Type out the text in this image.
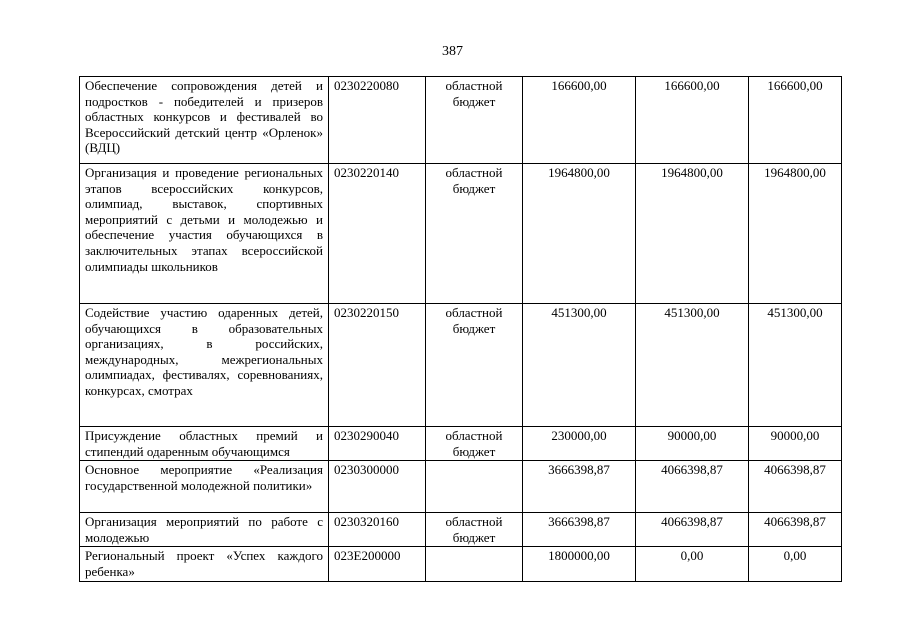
387
Обеспечение сопровождения детей и подростков - победителей и призеров областных конкурсов и фестивалей во Всероссийский детский центр «Орленок» (ВДЦ)	0230220080	областной бюджет	166600,00	166600,00	166600,00
Организация и проведение региональных этапов всероссийских конкурсов, олимпиад, выставок, спортивных мероприятий с детьми и молодежью и обеспечение участия обучающихся в заключительных этапах всероссийской олимпиады школьников	0230220140	областной бюджет	1964800,00	1964800,00	1964800,00
Содействие участию одаренных детей, обучающихся в образовательных организациях, в российских, международных, межрегиональных олимпиадах, фестивалях, соревнованиях, конкурсах, смотрах	0230220150	областной бюджет	451300,00	451300,00	451300,00
Присуждение областных премий и стипендий одаренным обучающимся	0230290040	областной бюджет	230000,00	90000,00	90000,00
Основное мероприятие «Реализация государственной молодежной политики»	0230300000		3666398,87	4066398,87	4066398,87
Организация мероприятий по работе с молодежью	0230320160	областной бюджет	3666398,87	4066398,87	4066398,87
Региональный проект «Успех каждого ребенка»	023Е200000		1800000,00	0,00	0,00
